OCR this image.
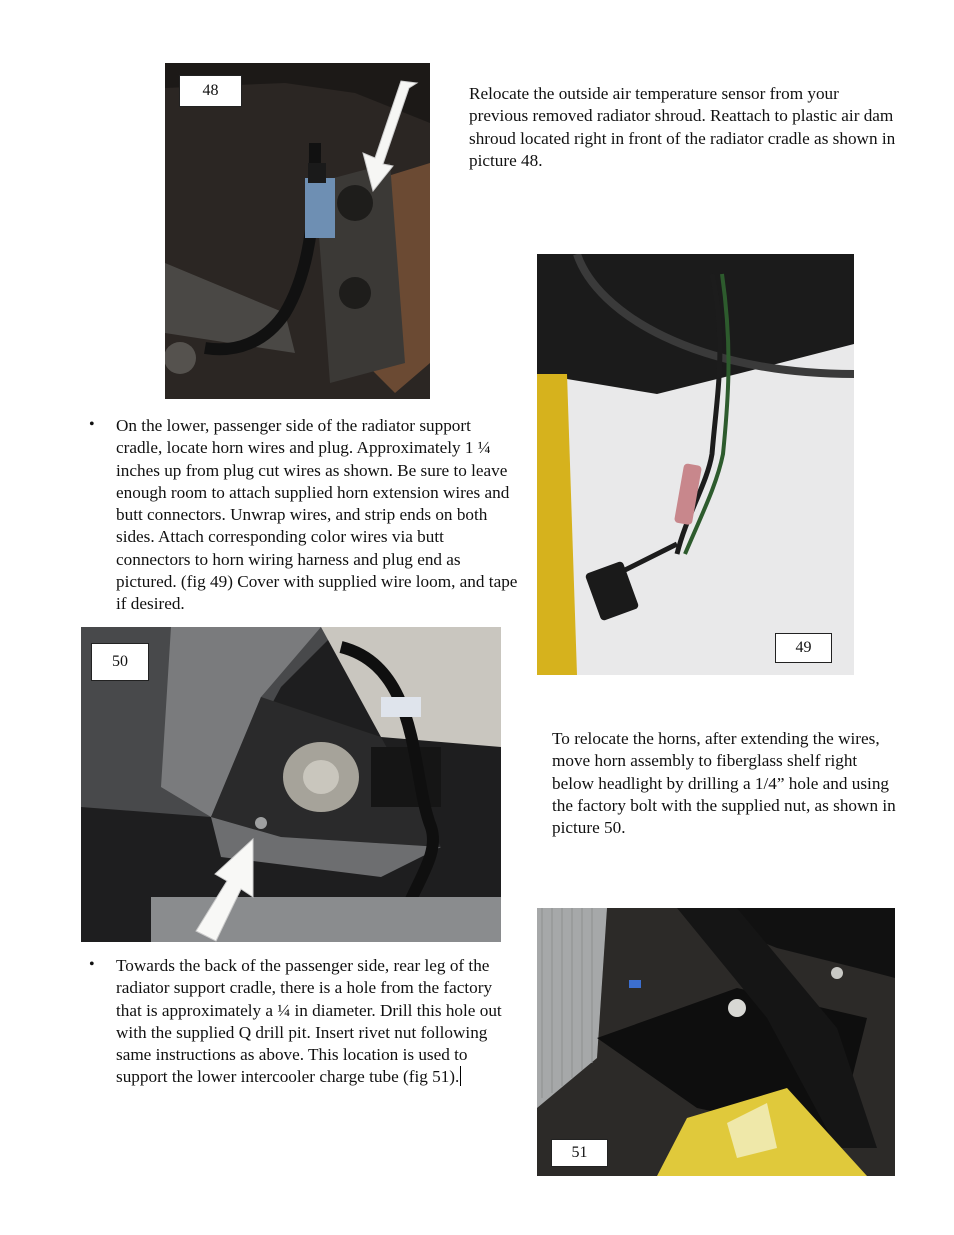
48	Relocate the outside air temperature sensor from your previous removed radiator shroud. Reattach to plastic air dam shroud located right in front of the radiator cradle as shown in picture 48.

49
• On the lower, passenger side of the radiator support cradle, locate horn wires and plug. Approximately 1 ¼ inches up from plug cut wires as shown. Be sure to leave enough room to attach supplied horn extension wires and butt connectors. Unwrap wires, and strip ends on both sides. Attach corresponding color wires via butt connectors to horn wiring harness and plug end as pictured. (fig 49) Cover with supplied wire loom, and tape if desired.

50

To relocate the horns, after extending the wires, move horn assembly to fiberglass shelf right below headlight by drilling a 1/4” hole and using the factory bolt with the supplied nut, as shown in picture 50.

51
• Towards the back of the passenger side, rear leg of the radiator support cradle, there is a hole from the factory that is approximately a ¼ in diameter. Drill this hole out with the supplied Q drill pit. Insert rivet nut following same instructions as above. This location is used to support the lower intercooler charge tube (fig 51).
